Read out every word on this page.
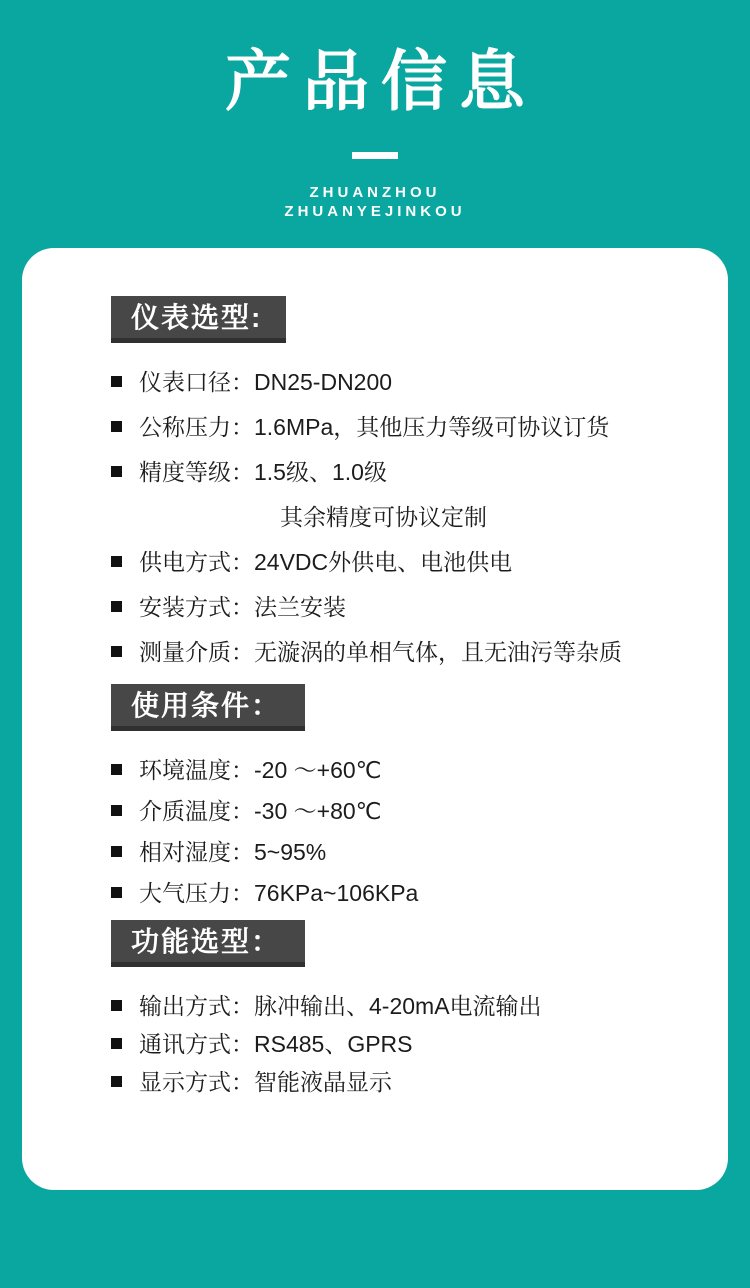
产品信息
ZHUANZHOU
ZHUANYEJINKOU
仪表选型:
仪表口径：DN25-DN200
公称压力：1.6MPa，其他压力等级可协议订货
精度等级：1.5级、1.0级
其余精度可协议定制
供电方式：24VDC外供电、电池供电
安装方式：法兰安装
测量介质：无漩涡的单相气体，且无油污等杂质
使用条件：
环境温度：-20 ～+60℃
介质温度：-30 ～+80℃
相对湿度：5~95%
大气压力：76KPa~106KPa
功能选型：
输出方式：脉冲输出、4-20mA电流输出
通讯方式：RS485、GPRS
显示方式：智能液晶显示
